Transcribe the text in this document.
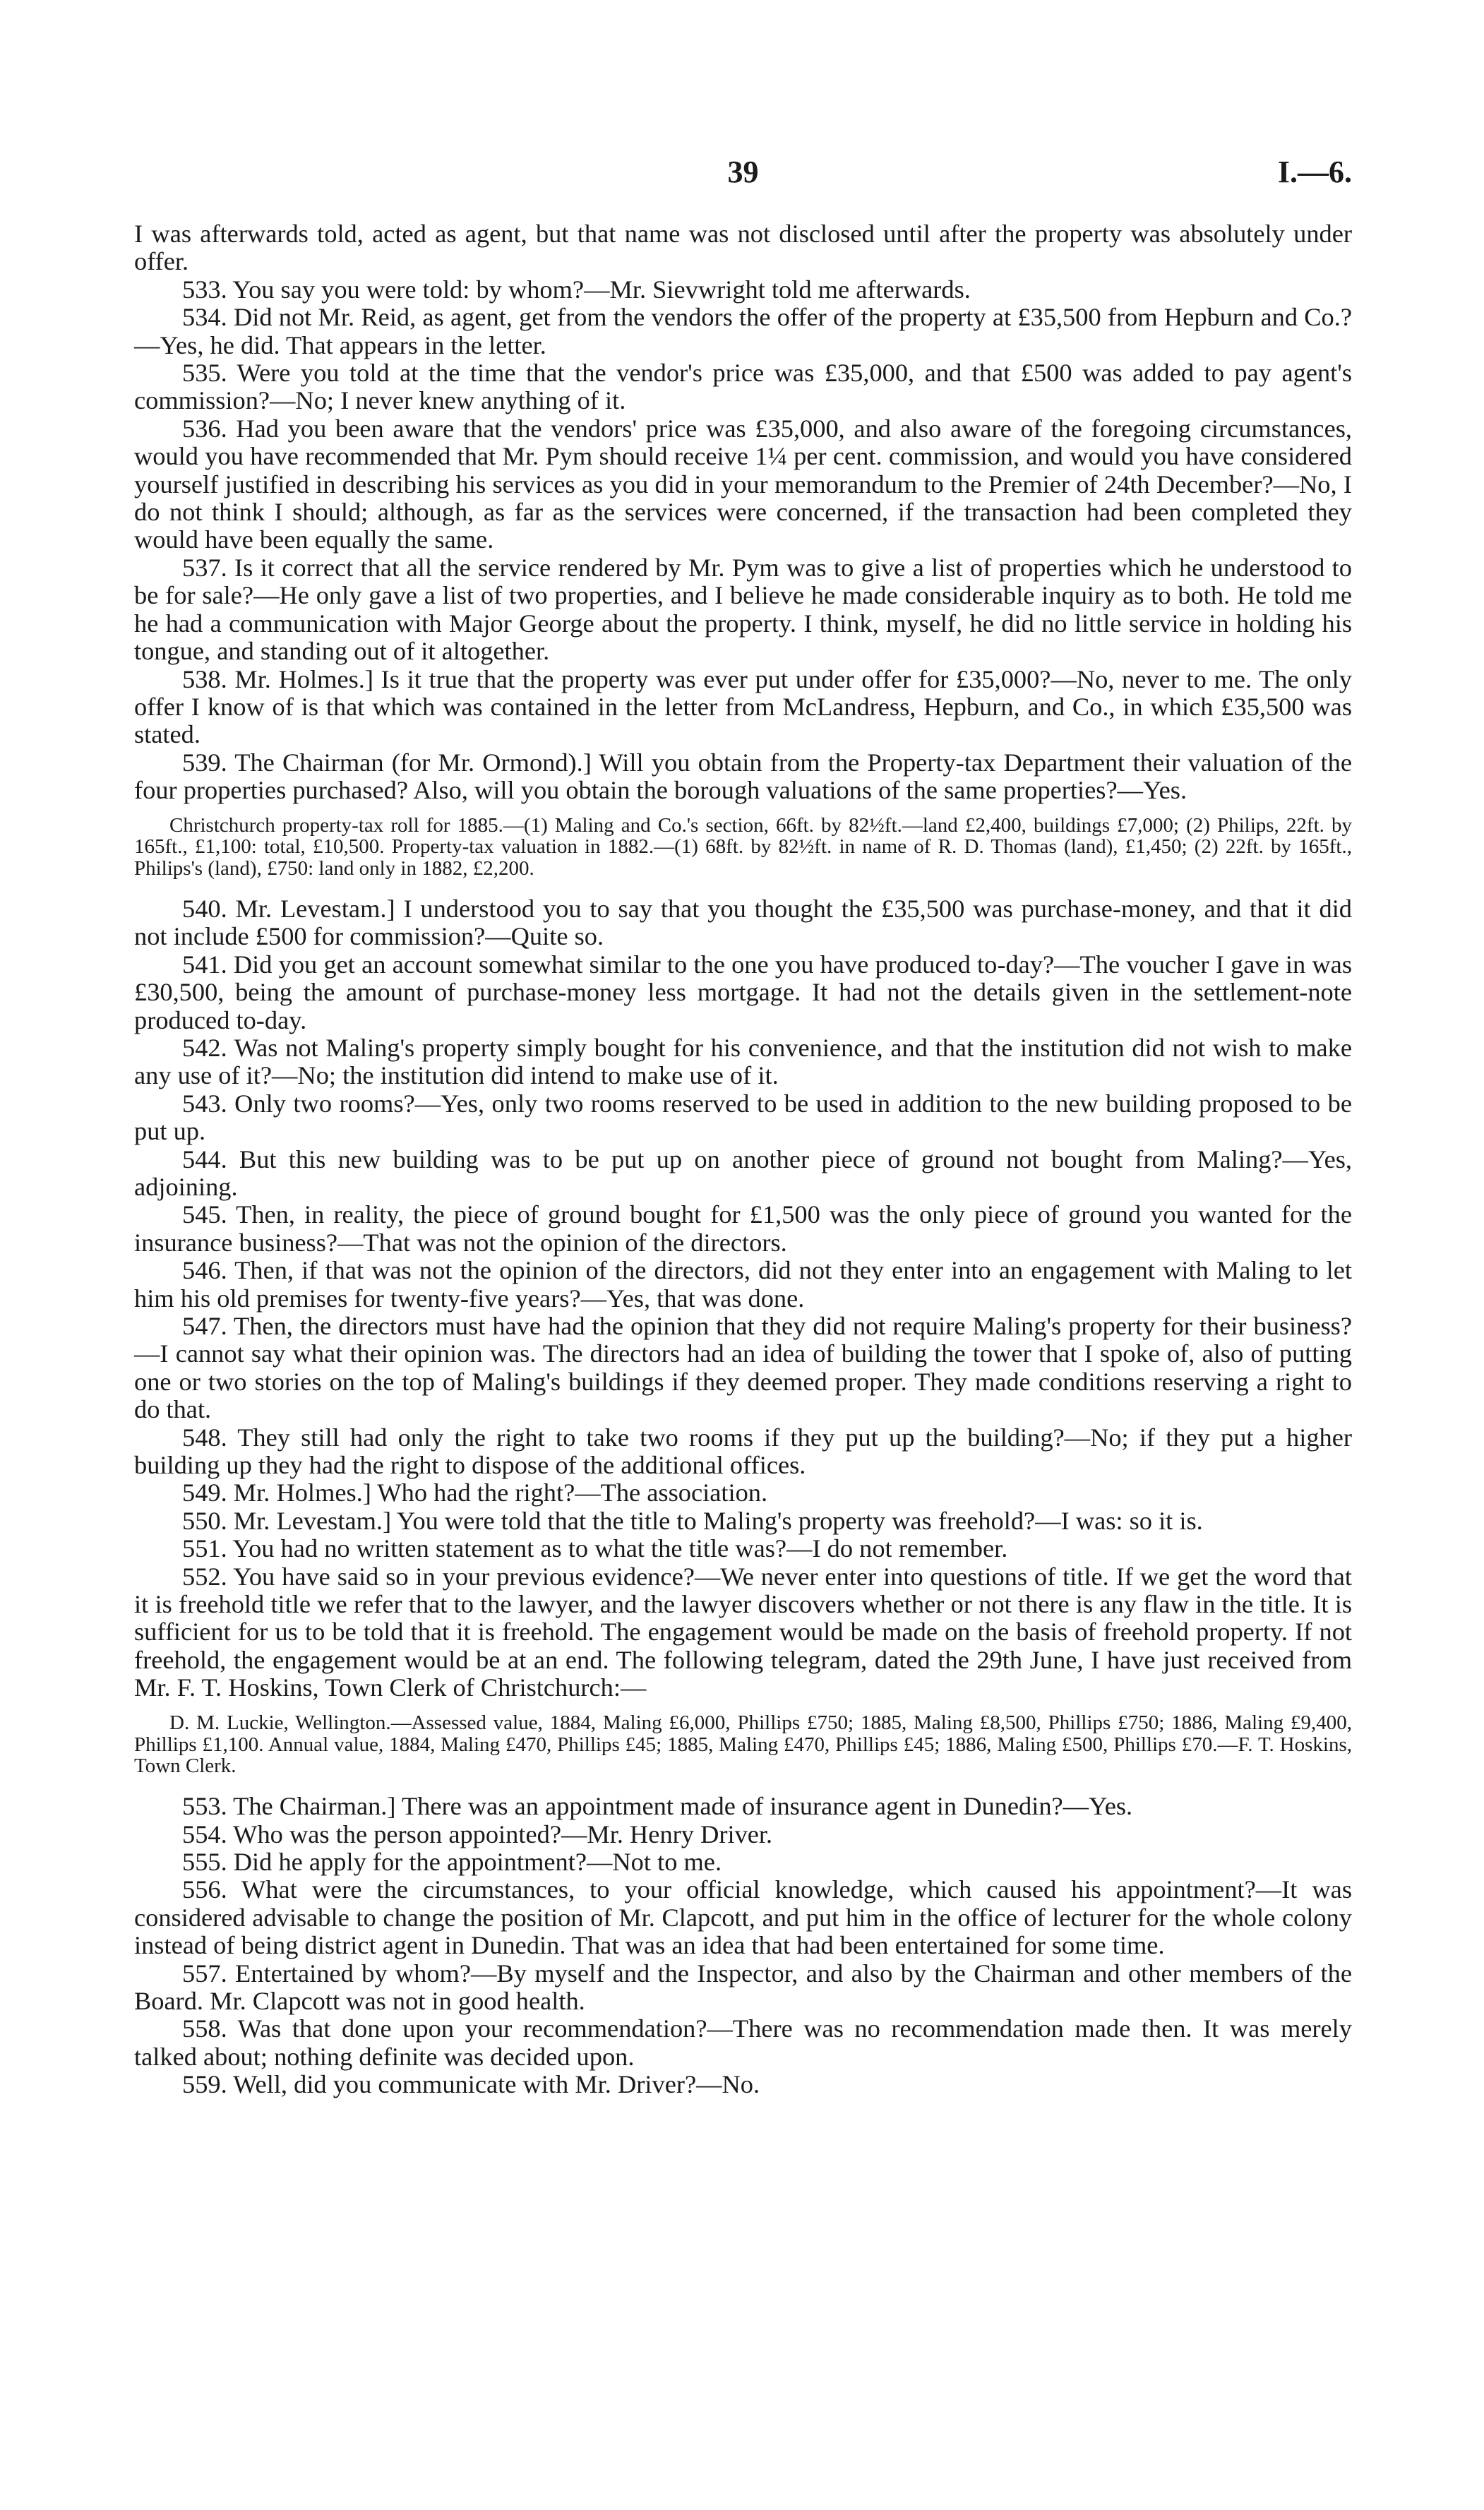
39	I.—6.

I was afterwards told, acted as agent, but that name was not disclosed until after the property was absolutely under offer.

533. You say you were told: by whom?—Mr. Sievwright told me afterwards.

534. Did not Mr. Reid, as agent, get from the vendors the offer of the property at £35,500 from Hepburn and Co.?—Yes, he did. That appears in the letter.

535. Were you told at the time that the vendor's price was £35,000, and that £500 was added to pay agent's commission?—No; I never knew anything of it.

536. Had you been aware that the vendors' price was £35,000, and also aware of the foregoing circumstances, would you have recommended that Mr. Pym should receive 1¼ per cent. commission, and would you have considered yourself justified in describing his services as you did in your memorandum to the Premier of 24th December?—No, I do not think I should; although, as far as the services were concerned, if the transaction had been completed they would have been equally the same.

537. Is it correct that all the service rendered by Mr. Pym was to give a list of properties which he understood to be for sale?—He only gave a list of two properties, and I believe he made considerable inquiry as to both. He told me he had a communication with Major George about the property. I think, myself, he did no little service in holding his tongue, and standing out of it altogether.

538. Mr. Holmes.] Is it true that the property was ever put under offer for £35,000?—No, never to me. The only offer I know of is that which was contained in the letter from McLandress, Hepburn, and Co., in which £35,500 was stated.

539. The Chairman (for Mr. Ormond).] Will you obtain from the Property-tax Department their valuation of the four properties purchased? Also, will you obtain the borough valuations of the same properties?—Yes.

Christchurch property-tax roll for 1885.—(1) Maling and Co.'s section, 66ft. by 82½ft.—land £2,400, buildings £7,000; (2) Philips, 22ft. by 165ft., £1,100: total, £10,500. Property-tax valuation in 1882.—(1) 68ft. by 82½ft. in name of R. D. Thomas (land), £1,450; (2) 22ft. by 165ft., Philips's (land), £750: land only in 1882, £2,200.

540. Mr. Levestam.] I understood you to say that you thought the £35,500 was purchase-money, and that it did not include £500 for commission?—Quite so.

541. Did you get an account somewhat similar to the one you have produced to-day?—The voucher I gave in was £30,500, being the amount of purchase-money less mortgage. It had not the details given in the settlement-note produced to-day.

542. Was not Maling's property simply bought for his convenience, and that the institution did not wish to make any use of it?—No; the institution did intend to make use of it.

543. Only two rooms?—Yes, only two rooms reserved to be used in addition to the new building proposed to be put up.

544. But this new building was to be put up on another piece of ground not bought from Maling?—Yes, adjoining.

545. Then, in reality, the piece of ground bought for £1,500 was the only piece of ground you wanted for the insurance business?—That was not the opinion of the directors.

546. Then, if that was not the opinion of the directors, did not they enter into an engagement with Maling to let him his old premises for twenty-five years?—Yes, that was done.

547. Then, the directors must have had the opinion that they did not require Maling's property for their business?—I cannot say what their opinion was. The directors had an idea of building the tower that I spoke of, also of putting one or two stories on the top of Maling's buildings if they deemed proper. They made conditions reserving a right to do that.

548. They still had only the right to take two rooms if they put up the building?—No; if they put a higher building up they had the right to dispose of the additional offices.

549. Mr. Holmes.] Who had the right?—The association.

550. Mr. Levestam.] You were told that the title to Maling's property was freehold?—I was: so it is.

551. You had no written statement as to what the title was?—I do not remember.

552. You have said so in your previous evidence?—We never enter into questions of title. If we get the word that it is freehold title we refer that to the lawyer, and the lawyer discovers whether or not there is any flaw in the title. It is sufficient for us to be told that it is freehold. The engagement would be made on the basis of freehold property. If not freehold, the engagement would be at an end. The following telegram, dated the 29th June, I have just received from Mr. F. T. Hoskins, Town Clerk of Christchurch:—

D. M. Luckie, Wellington.—Assessed value, 1884, Maling £6,000, Phillips £750; 1885, Maling £8,500, Phillips £750; 1886, Maling £9,400, Phillips £1,100. Annual value, 1884, Maling £470, Phillips £45; 1885, Maling £470, Phillips £45; 1886, Maling £500, Phillips £70.—F. T. Hoskins, Town Clerk.

553. The Chairman.] There was an appointment made of insurance agent in Dunedin?—Yes.

554. Who was the person appointed?—Mr. Henry Driver.

555. Did he apply for the appointment?—Not to me.

556. What were the circumstances, to your official knowledge, which caused his appointment?—It was considered advisable to change the position of Mr. Clapcott, and put him in the office of lecturer for the whole colony instead of being district agent in Dunedin. That was an idea that had been entertained for some time.

557. Entertained by whom?—By myself and the Inspector, and also by the Chairman and other members of the Board. Mr. Clapcott was not in good health.

558. Was that done upon your recommendation?—There was no recommendation made then. It was merely talked about; nothing definite was decided upon.

559. Well, did you communicate with Mr. Driver?—No.
